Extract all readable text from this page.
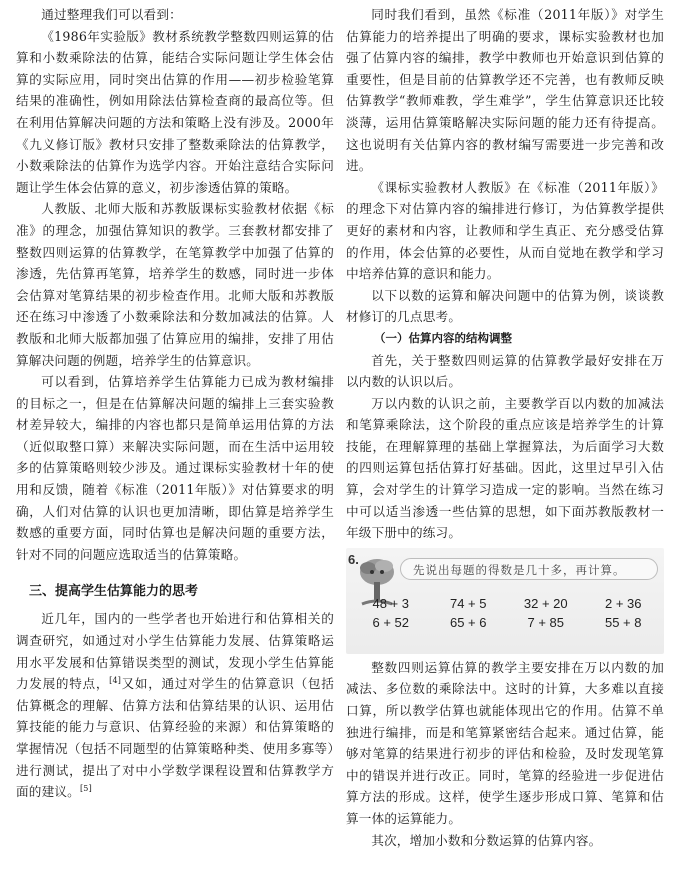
通过整理我们可以看到：

《1986年实验版》教材系统教学整数四则运算的估算和小数乘除法的估算，能结合实际问题让学生体会估算的实际应用，同时突出估算的作用——初步检验笔算结果的准确性，例如用除法估算检查商的最高位等。但在利用估算解决问题的方法和策略上没有涉及。2000年《九义修订版》教材只安排了整数乘除法的估算教学，小数乘除法的估算作为选学内容。开始注意结合实际问题让学生体会估算的意义，初步渗透估算的策略。

人教版、北师大版和苏教版课标实验教材依据《标准》的理念，加强估算知识的教学。三套教材都安排了整数四则运算的估算教学，在笔算教学中加强了估算的渗透，先估算再笔算，培养学生的数感，同时进一步体会估算对笔算结果的初步检查作用。北师大版和苏教版还在练习中渗透了小数乘除法和分数加减法的估算。人教版和北师大版都加强了估算应用的编排，安排了用估算解决问题的例题，培养学生的估算意识。

可以看到，估算培养学生估算能力已成为教材编排的目标之一，但是在估算解决问题的编排上三套实验教材差异较大，编排的内容也都只是简单运用估算的方法（近似取整口算）来解决实际问题，而在生活中运用较多的估算策略则较少涉及。通过课标实验教材十年的使用和反馈，随着《标准（2011年版）》对估算要求的明确，人们对估算的认识也更加清晰，即估算是培养学生数感的重要方面，同时估算也是解决问题的重要方法，针对不同的问题应选取适当的估算策略。

三、提高学生估算能力的思考

近几年，国内的一些学者也开始进行和估算相关的调查研究，如通过对小学生估算能力发展、估算策略运用水平发展和估算错误类型的测试，发现小学生估算能力发展的特点，[4]又如，通过对学生的估算意识（包括估算概念的理解、估算方法和估算结果的认识、运用估算技能的能力与意识、估算经验的来源）和估算策略的掌握情况（包括不同题型的估算策略种类、使用多寡等）进行测试，提出了对中小学数学课程设置和估算教学方面的建议。[5]

同时我们看到，虽然《标准（2011年版）》对学生估算能力的培养提出了明确的要求，课标实验教材也加强了估算内容的编排，教学中教师也开始意识到估算的重要性，但是目前的估算教学还不完善，也有教师反映估算教学“教师难教，学生难学”，学生估算意识还比较淡薄，运用估算策略解决实际问题的能力还有待提高。这也说明有关估算内容的教材编写需要进一步完善和改进。

《课标实验教材人教版》在《标准（2011年版）》的理念下对估算内容的编排进行修订，为估算教学提供更好的素材和内容，让教师和学生真正、充分感受估算的作用，体会估算的必要性，从而自觉地在教学和学习中培养估算的意识和能力。

以下以数的运算和解决问题中的估算为例，谈谈教材修订的几点思考。

（一）估算内容的结构调整

首先，关于整数四则运算的估算教学最好安排在万以内数的认识以后。

万以内数的认识之前，主要教学百以内数的加减法和笔算乘除法，这个阶段的重点应该是培养学生的计算技能，在理解算理的基础上掌握算法，为后面学习大数的四则运算包括估算打好基础。因此，这里过早引入估算，会对学生的计算学习造成一定的影响。当然在练习中可以适当渗透一些估算的思想，如下面苏教版教材一年级下册中的练习。

6.
先说出每题的得数是几十多，再计算。
48 + 3	74 + 5	32 + 20	2 + 36
6 + 52	65 + 6	7 + 85	55 + 8

整数四则运算估算的教学主要安排在万以内数的加减法、多位数的乘除法中。这时的计算，大多难以直接口算，所以教学估算也就能体现出它的作用。估算不单独进行编排，而是和笔算紧密结合起来。通过估算，能够对笔算的结果进行初步的评估和检验，及时发现笔算中的错误并进行改正。同时，笔算的经验进一步促进估算方法的形成。这样，使学生逐步形成口算、笔算和估算一体的运算能力。

其次，增加小数和分数运算的估算内容。
